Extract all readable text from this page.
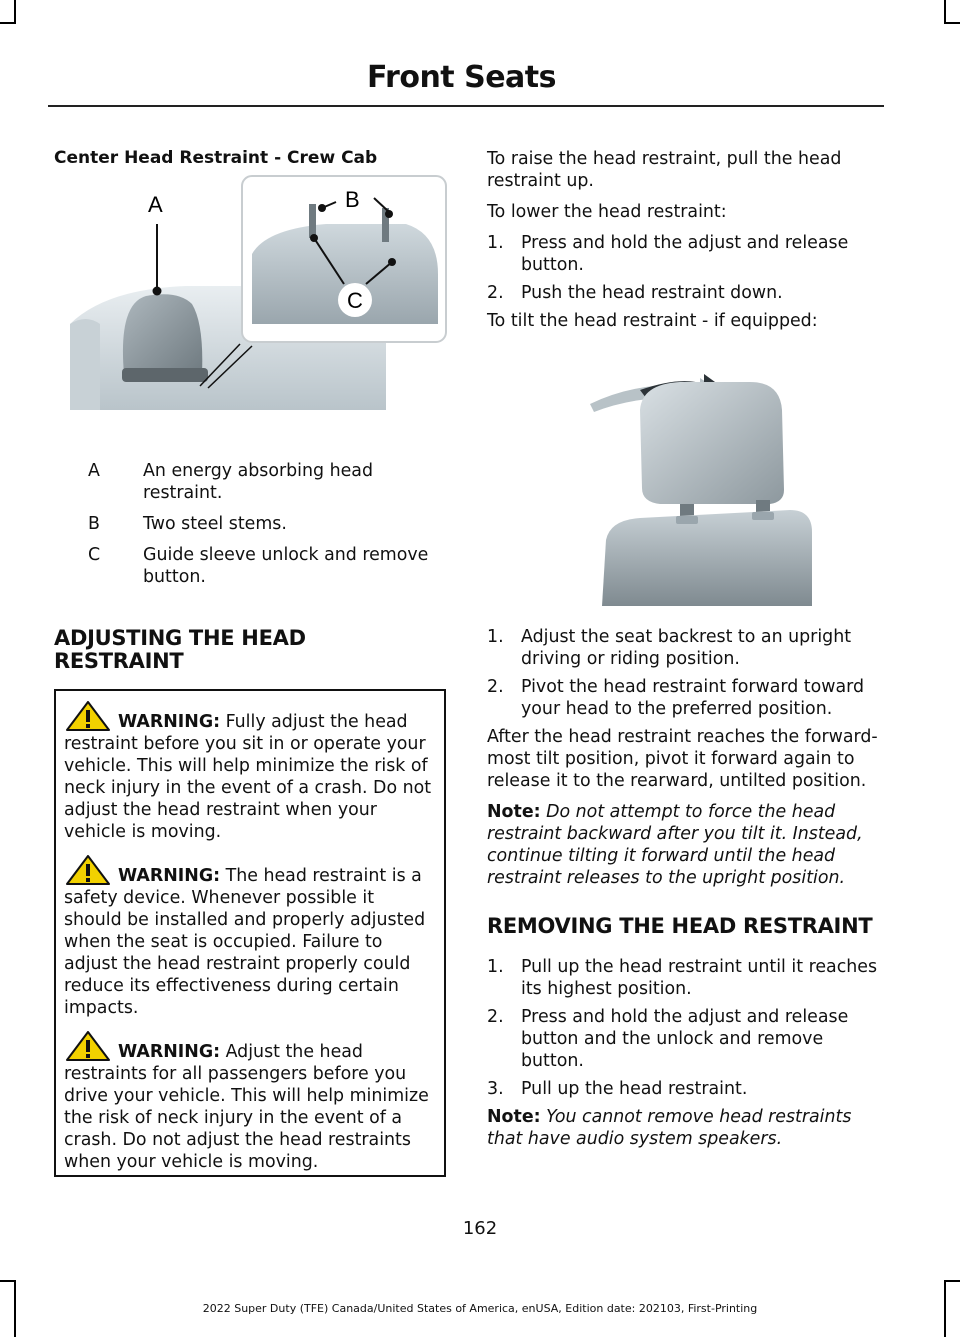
Front Seats
Center Head Restraint - Crew Cab
A	B
C
A	An energy absorbing head restraint.
B	Two steel stems.
C	Guide sleeve unlock and remove button.
ADJUSTING THE HEAD RESTRAINT
WARNING: Fully adjust the head restraint before you sit in or operate your vehicle. This will help minimize the risk of neck injury in the event of a crash. Do not adjust the head restraint when your vehicle is moving.
WARNING: The head restraint is a safety device. Whenever possible it should be installed and properly adjusted when the seat is occupied. Failure to adjust the head restraint properly could reduce its effectiveness during certain impacts.
WARNING: Adjust the head restraints for all passengers before you drive your vehicle. This will help minimize the risk of neck injury in the event of a crash. Do not adjust the head restraints when your vehicle is moving.

To raise the head restraint, pull the head restraint up.

To lower the head restraint:

1.	Press and hold the adjust and release button.
2.	Push the head restraint down.

To tilt the head restraint - if equipped:

1.	Adjust the seat backrest to an upright driving or riding position.
2.	Pivot the head restraint forward toward your head to the preferred position.

After the head restraint reaches the forward-most tilt position, pivot it forward again to release it to the rearward, untilted position.

Note: Do not attempt to force the head restraint backward after you tilt it. Instead, continue tilting it forward until the head restraint releases to the upright position.

REMOVING THE HEAD RESTRAINT
1.	Pull up the head restraint until it reaches its highest position.
2.	Press and hold the adjust and release button and the unlock and remove button.
3.	Pull up the head restraint.

Note: You cannot remove head restraints that have audio system speakers.

162
2022 Super Duty (TFE) Canada/United States of America, enUSA, Edition date: 202103, First-Printing
